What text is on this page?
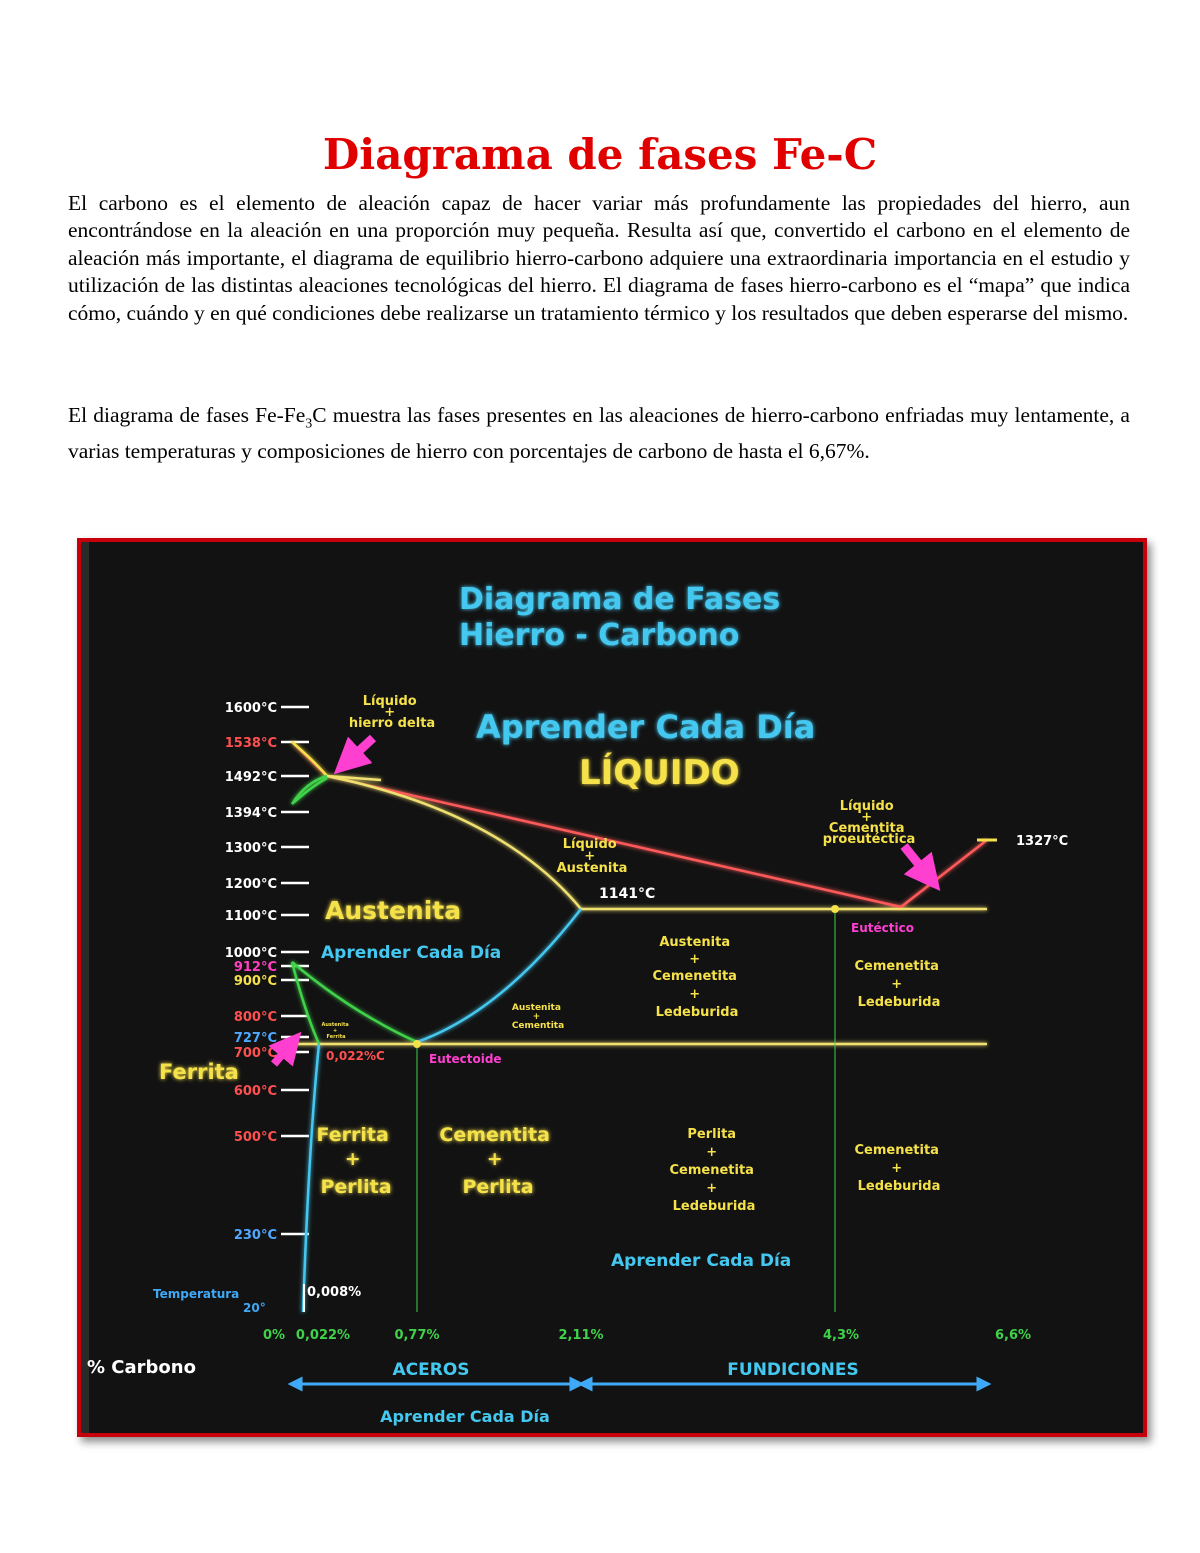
Diagrama de fases Fe-C

El carbono es el elemento de aleación capaz de hacer variar más profundamente las propiedades del hierro, aun encontrándose en la aleación en una proporción muy pequeña. Resulta así que, convertido el carbono en el elemento de aleación más importante, el diagrama de equilibrio hierro-carbono adquiere una extraordinaria importancia en el estudio y utilización de las distintas aleaciones tecnológicas del hierro. El diagrama de fases hierro-carbono es el “mapa” que indica cómo, cuándo y en qué condiciones debe realizarse un tratamiento térmico y los resultados que deben esperarse del mismo.

El diagrama de fases $Fe-Fe_3C$ muestra las fases presentes en las aleaciones de hierro-carbono enfriadas muy lentamente, a varias temperaturas y composiciones de hierro con porcentajes de carbono de hasta el 6,67%.

Diagrama de Fases
Hierro - Carbono
Aprender Cada Día
LÍQUIDO
1600°C
1538°C
1492°C
1394°C
1300°C
1200°C
1100°C
1000°C
912°C
900°C
800°C
727°C
700°C
600°C
500°C
230°C
Líquido + hierro delta
Líquido + Austenita
Líquido + Cementita proeutéctica
1141°C
Austenita
Aprender Cada Día
Eutéctico
Austenita + Cemenetita + Ledeburida
Cemenetita + Ledeburida
Austenita + Cementita
Austenita + Ferrita
0,022%C	Eutectoide
Ferrita
Ferrita + Perlita
Cementita + Perlita
Perlita + Cemenetita + Ledeburida
Cemenetita + Ledeburida
Aprender Cada Día
Temperatura
20°
0,008%
0% 0,022%	0,77%	2,11%	4,3%	6,6%
% Carbono	ACEROS	FUNDICIONES
Aprender Cada Día
1327°C
